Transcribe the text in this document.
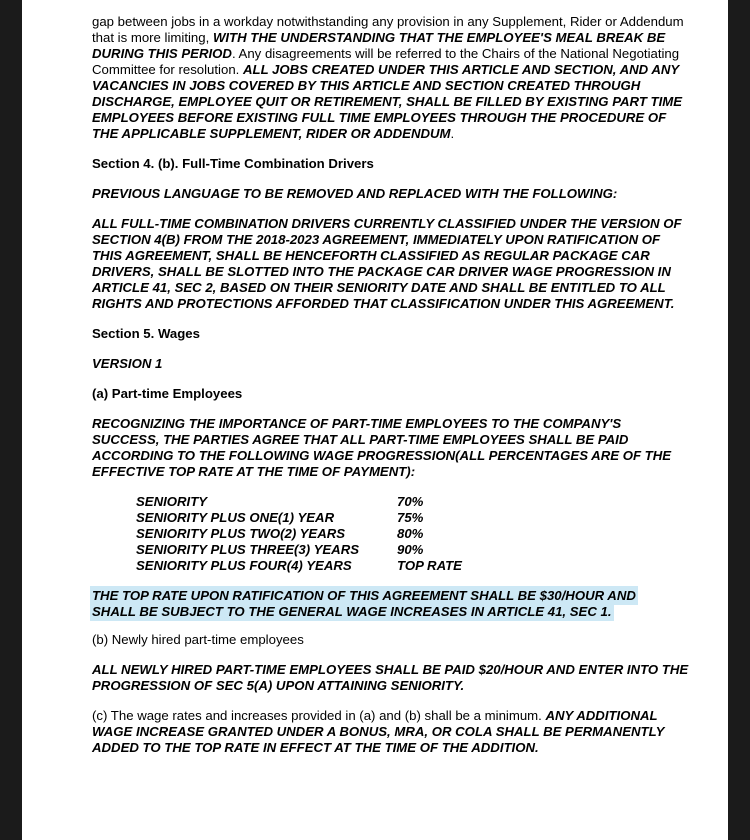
gap between jobs in a workday notwithstanding any provision in any Supplement, Rider or Addendum that is more limiting, WITH THE UNDERSTANDING THAT THE EMPLOYEE'S MEAL BREAK BE DURING THIS PERIOD. Any disagreements will be referred to the Chairs of the National Negotiating Committee for resolution. ALL JOBS CREATED UNDER THIS ARTICLE AND SECTION, AND ANY VACANCIES IN JOBS COVERED BY THIS ARTICLE AND SECTION CREATED THROUGH DISCHARGE, EMPLOYEE QUIT OR RETIREMENT, SHALL BE FILLED BY EXISTING PART TIME EMPLOYEES BEFORE EXISTING FULL TIME EMPLOYEES THROUGH THE PROCEDURE OF THE APPLICABLE SUPPLEMENT, RIDER OR ADDENDUM.

Section 4. (b). Full-Time Combination Drivers

PREVIOUS LANGUAGE TO BE REMOVED AND REPLACED WITH THE FOLLOWING:

ALL FULL-TIME COMBINATION DRIVERS CURRENTLY CLASSIFIED UNDER THE VERSION OF SECTION 4(B) FROM THE 2018-2023 AGREEMENT, IMMEDIATELY UPON RATIFICATION OF THIS AGREEMENT, SHALL BE HENCEFORTH CLASSIFIED AS REGULAR PACKAGE CAR DRIVERS, SHALL BE SLOTTED INTO THE PACKAGE CAR DRIVER WAGE PROGRESSION IN ARTICLE 41, SEC 2, BASED ON THEIR SENIORITY DATE AND SHALL BE ENTITLED TO ALL RIGHTS AND PROTECTIONS AFFORDED THAT CLASSIFICATION UNDER THIS AGREEMENT.

Section 5. Wages

VERSION 1

(a) Part-time Employees

RECOGNIZING THE IMPORTANCE OF PART-TIME EMPLOYEES TO THE COMPANY'S SUCCESS, THE PARTIES AGREE THAT ALL PART-TIME EMPLOYEES SHALL BE PAID ACCORDING TO THE FOLLOWING WAGE PROGRESSION(ALL PERCENTAGES ARE OF THE EFFECTIVE TOP RATE AT THE TIME OF PAYMENT):

SENIORITY	70%
SENIORITY PLUS ONE(1) YEAR	75%
SENIORITY PLUS TWO(2) YEARS	80%
SENIORITY PLUS THREE(3) YEARS	90%
SENIORITY PLUS FOUR(4) YEARS	TOP RATE

THE TOP RATE UPON RATIFICATION OF THIS AGREEMENT SHALL BE $30/HOUR AND
SHALL BE SUBJECT TO THE GENERAL WAGE INCREASES IN ARTICLE 41, SEC 1.

(b) Newly hired part-time employees

ALL NEWLY HIRED PART-TIME EMPLOYEES SHALL BE PAID $20/HOUR AND ENTER INTO THE PROGRESSION OF SEC 5(A) UPON ATTAINING SENIORITY.

(c) The wage rates and increases provided in (a) and (b) shall be a minimum. ANY ADDITIONAL WAGE INCREASE GRANTED UNDER A BONUS, MRA, OR COLA SHALL BE PERMANENTLY ADDED TO THE TOP RATE IN EFFECT AT THE TIME OF THE ADDITION.
